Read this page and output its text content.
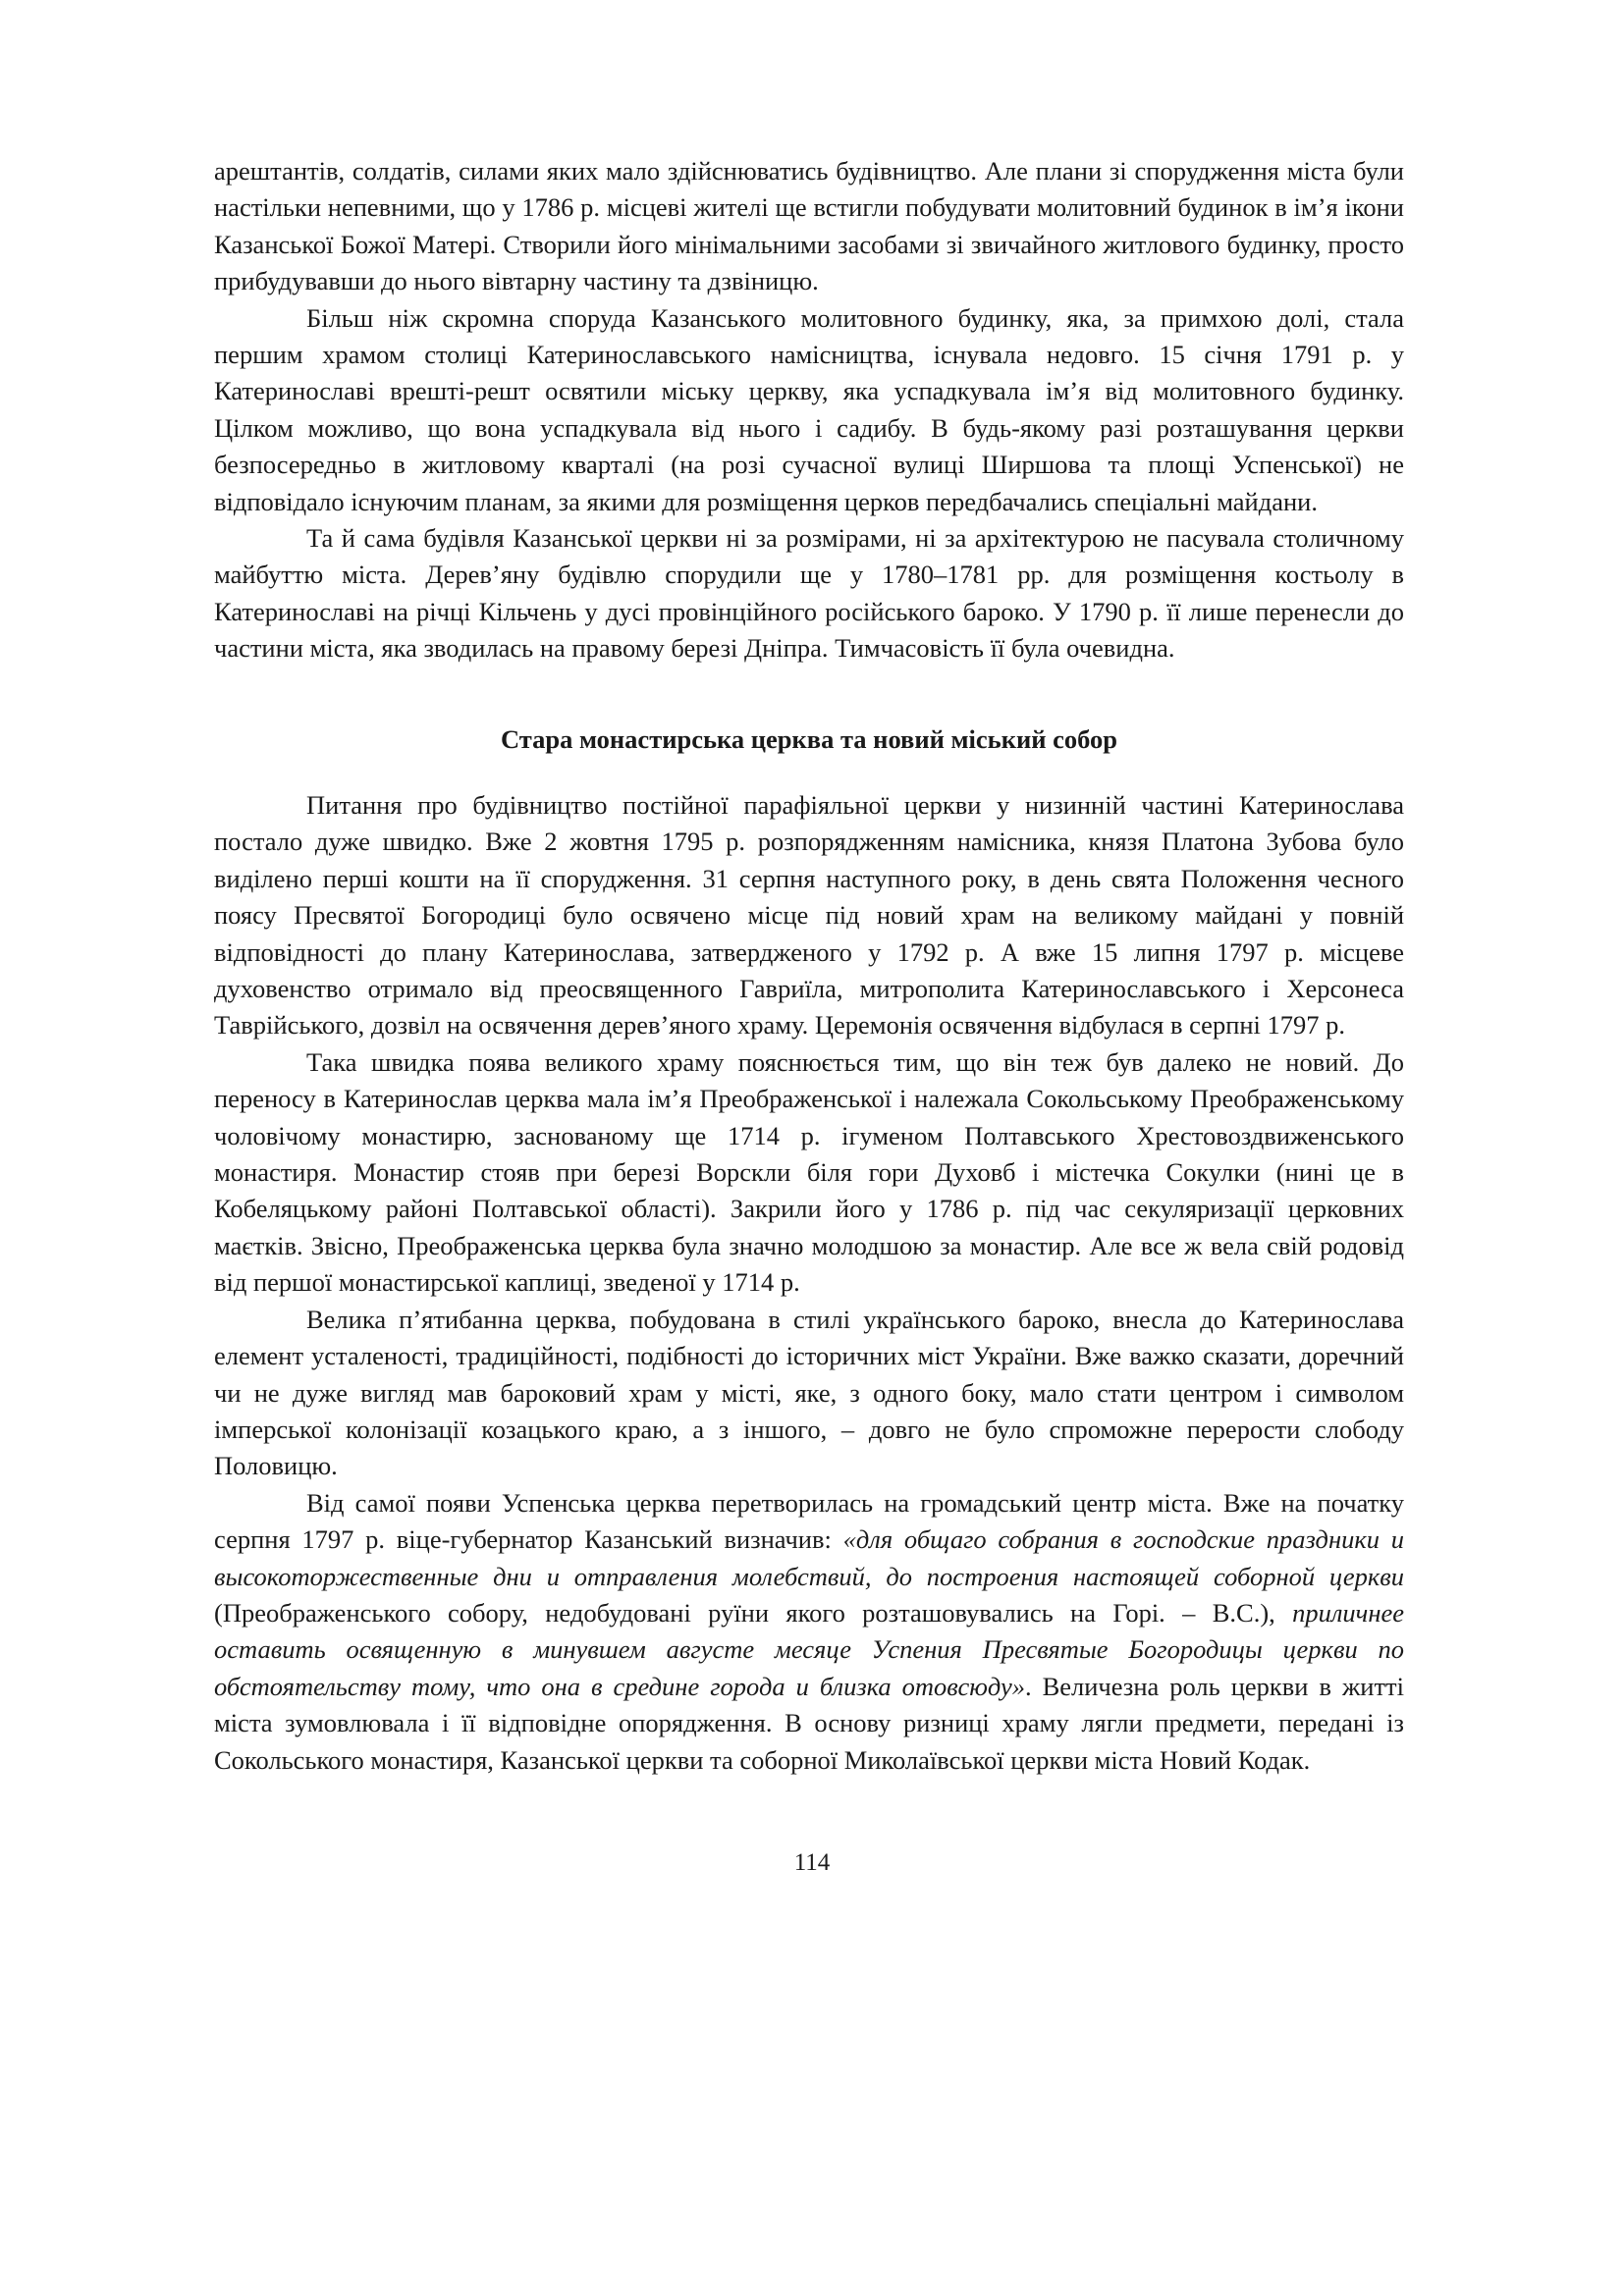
арештантів, солдатів, силами яких мало здійснюватись будівництво. Але плани зі спорудження міста були настільки непевними, що у 1786 р. місцеві жителі ще встигли побудувати молитовний будинок в ім’я ікони Казанської Божої Матері. Створили його мінімальними засобами зі звичайного житлового будинку, просто прибудувавши до нього вівтарну частину та дзвіницю.

Більш ніж скромна споруда Казанського молитовного будинку, яка, за примхою долі, стала першим храмом столиці Катеринославського намісництва, існувала недовго. 15 січня 1791 р. у Катеринославі врешті-решт освятили міську церкву, яка успадкувала ім’я від молитовного будинку. Цілком можливо, що вона успадкувала від нього і садибу. В будь-якому разі розташування церкви безпосередньо в житловому кварталі (на розі сучасної вулиці Ширшова та площі Успенської) не відповідало існуючим планам, за якими для розміщення церков передбачались спеціальні майдани.

Та й сама будівля Казанської церкви ні за розмірами, ні за архітектурою не пасувала столичному майбуттю міста. Дерев’яну будівлю спорудили ще у 1780–1781 рр. для розміщення костьолу в Катеринославі на річці Кільчень у дусі провінційного російського бароко. У 1790 р. її лише перенесли до частини міста, яка зводилась на правому березі Дніпра. Тимчасовість її була очевидна.

Стара монастирська церква та новий міський собор

Питання про будівництво постійної парафіяльної церкви у низинній частині Катеринослава постало дуже швидко. Вже 2 жовтня 1795 р. розпорядженням намісника, князя Платона Зубова було виділено перші кошти на її спорудження. 31 серпня наступного року, в день свята Положення чесного поясу Пресвятої Богородиці було освячено місце під новий храм на великому майдані у повній відповідності до плану Катеринослава, затвердженого у 1792 р. А вже 15 липня 1797 р. місцеве духовенство отримало від преосвященного Гавриїла, митрополита Катеринославського і Херсонеса Таврійського, дозвіл на освячення дерев’яного храму. Церемонія освячення відбулася в серпні 1797 р.

Така швидка поява великого храму пояснюється тим, що він теж був далеко не новий. До переносу в Катеринослав церква мала ім’я Преображенської і належала Сокольському Преображенському чоловічому монастирю, заснованому ще 1714 р. ігуменом Полтавського Хрестовоздвиженського монастиря. Монастир стояв при березі Ворскли біля гори Духовб і містечка Сокулки (нині це в Кобеляцькому районі Полтавської області). Закрили його у 1786 р. під час секуляризації церковних маєтків. Звісно, Преображенська церква була значно молодшою за монастир. Але все ж вела свій родовід від першої монастирської каплиці, зведеної у 1714 р.

Велика п’ятибанна церква, побудована в стилі українського бароко, внесла до Катеринослава елемент усталеності, традиційності, подібності до історичних міст України. Вже важко сказати, доречний чи не дуже вигляд мав бароковий храм у місті, яке, з одного боку, мало стати центром і символом імперської колонізації козацького краю, а з іншого, – довго не було спроможне перерости слободу Половицю.

Від самої появи Успенська церква перетворилась на громадський центр міста. Вже на початку серпня 1797 р. віце-губернатор Казанський визначив: «для общаго собрания в господские праздники и высокоторжественные дни и отправления молебствий, до построения настоящей соборной церкви (Преображенського собору, недобудовані руїни якого розташовувались на Горі. – В.С.), приличнее оставить освященную в минувшем августе месяце Успения Пресвятые Богородицы церкви по обстоятельству тому, что она в средине города и близка отовсюду». Величезна роль церкви в житті міста зумовлювала і її відповідне опорядження. В основу ризниці храму лягли предмети, передані із Сокольського монастиря, Казанської церкви та соборної Миколаївської церкви міста Новий Кодак.

114
